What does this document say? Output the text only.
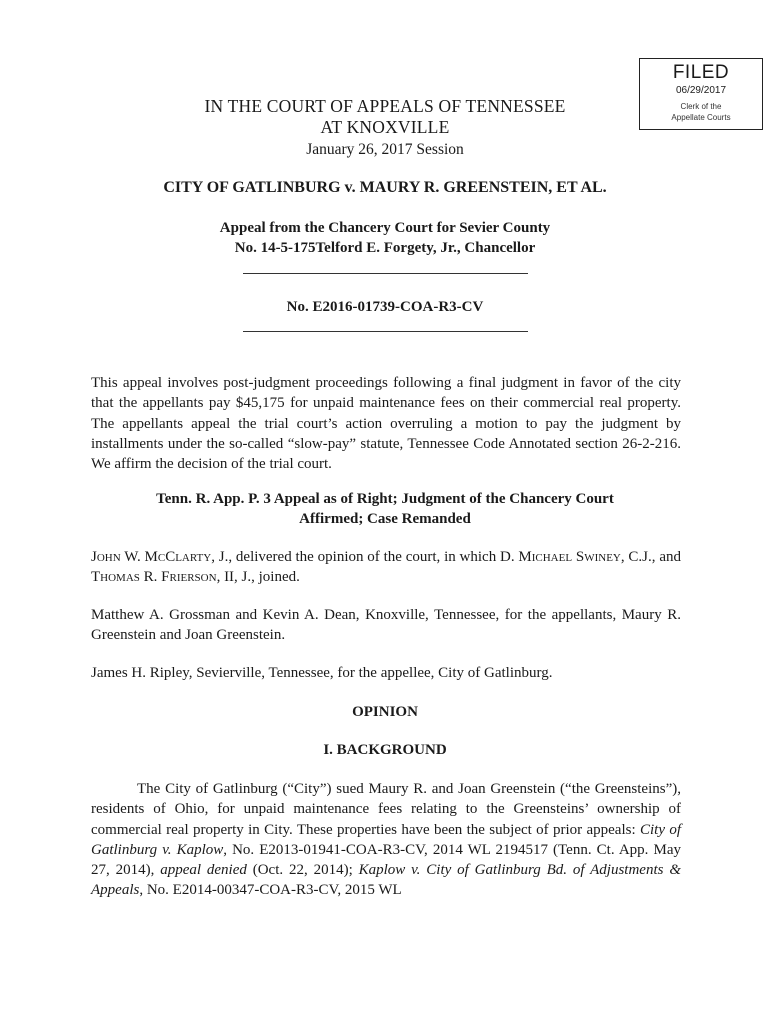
FILED
06/29/2017
Clerk of the
Appellate Courts
IN THE COURT OF APPEALS OF TENNESSEE
AT KNOXVILLE
January 26, 2017 Session
CITY OF GATLINBURG v. MAURY R. GREENSTEIN, ET AL.
Appeal from the Chancery Court for Sevier County
No. 14-5-175Telford E. Forgety, Jr., Chancellor
No. E2016-01739-COA-R3-CV
This appeal involves post-judgment proceedings following a final judgment in favor of the city that the appellants pay $45,175 for unpaid maintenance fees on their commercial real property. The appellants appeal the trial court’s action overruling a motion to pay the judgment by installments under the so-called “slow-pay” statute, Tennessee Code Annotated section 26-2-216. We affirm the decision of the trial court.
Tenn. R. App. P. 3 Appeal as of Right; Judgment of the Chancery Court
Affirmed; Case Remanded
John W. McClarty, J., delivered the opinion of the court, in which D. Michael Swiney, C.J., and Thomas R. Frierson, II, J., joined.
Matthew A. Grossman and Kevin A. Dean, Knoxville, Tennessee, for the appellants, Maury R. Greenstein and Joan Greenstein.
James H. Ripley, Sevierville, Tennessee, for the appellee, City of Gatlinburg.
OPINION
I. BACKGROUND
The City of Gatlinburg (“City”) sued Maury R. and Joan Greenstein (“the Greensteins”), residents of Ohio, for unpaid maintenance fees relating to the Greensteins’ ownership of commercial real property in City. These properties have been the subject of prior appeals: City of Gatlinburg v. Kaplow, No. E2013-01941-COA-R3-CV, 2014 WL 2194517 (Tenn. Ct. App. May 27, 2014), appeal denied (Oct. 22, 2014); Kaplow v. City of Gatlinburg Bd. of Adjustments & Appeals, No. E2014-00347-COA-R3-CV, 2015 WL
